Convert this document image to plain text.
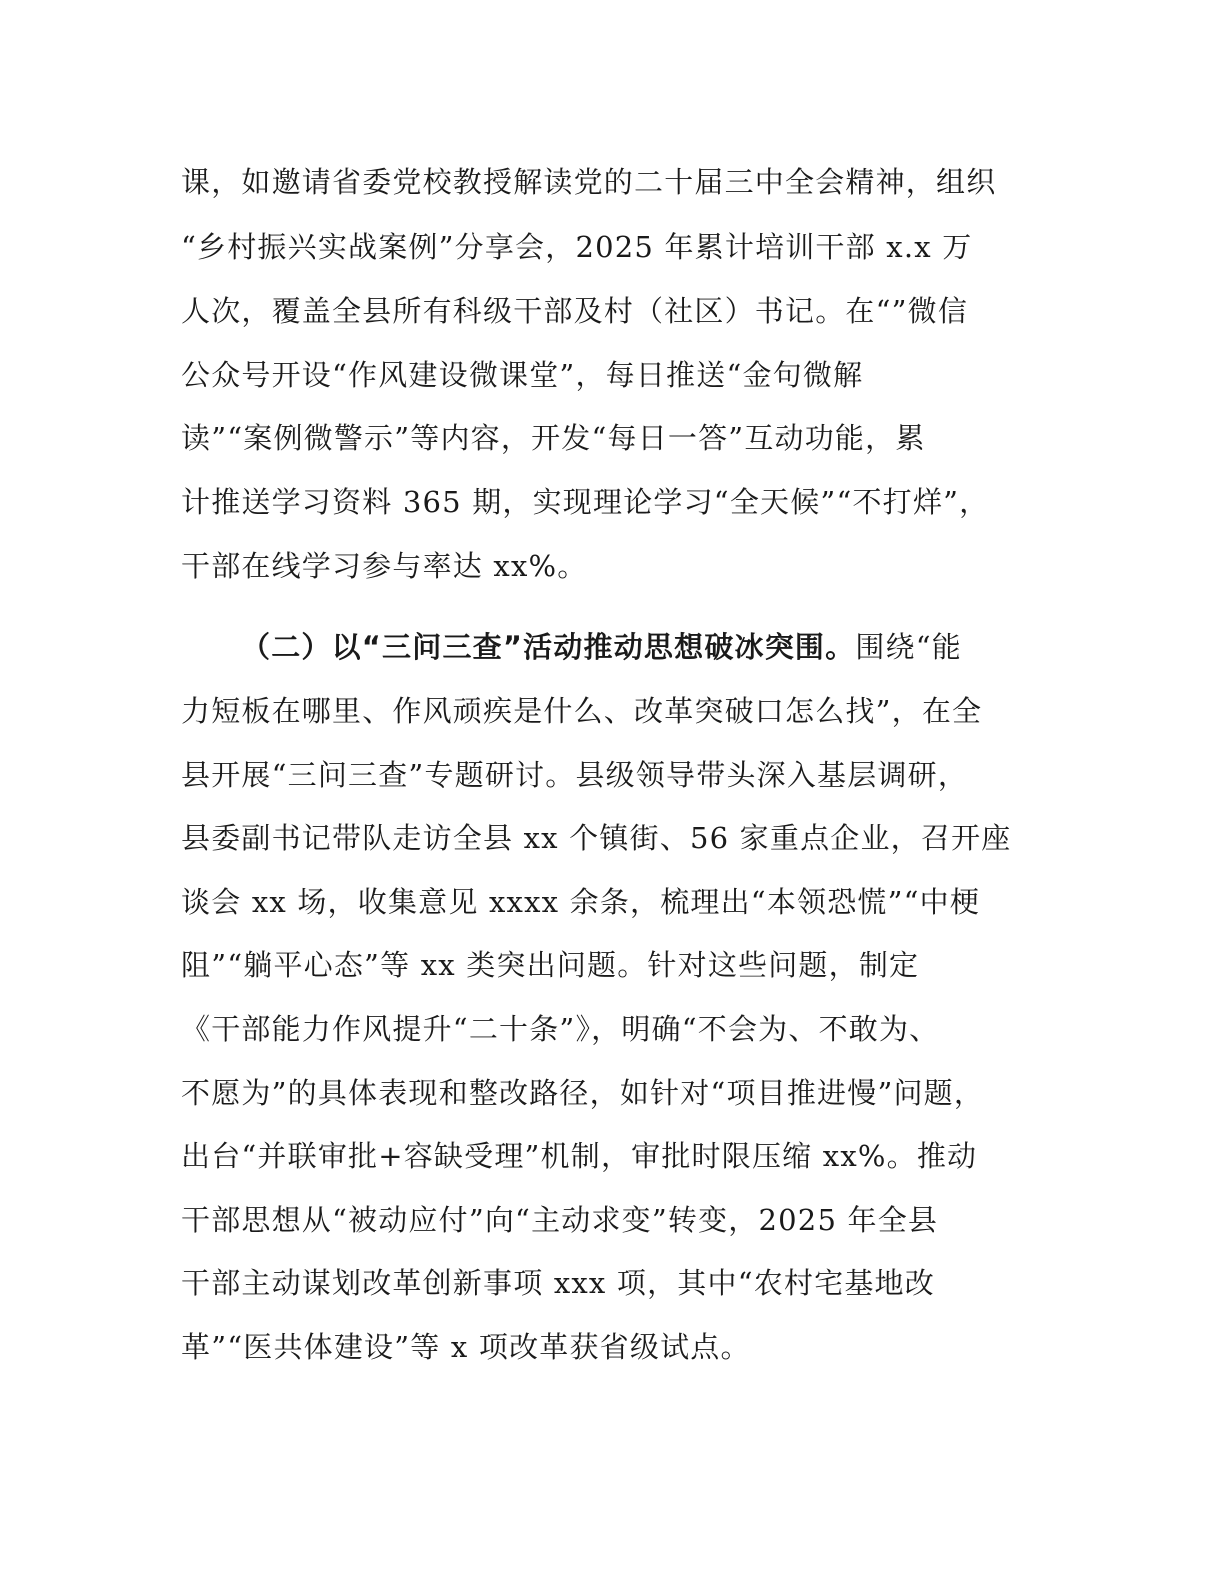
课，如邀请省委党校教授解读党的二十届三中全会精神，组织
“乡村振兴实战案例”分享会，2025 年累计培训干部 x.x 万
人次，覆盖全县所有科级干部及村（社区）书记。在“”微信
公众号开设“作风建设微课堂”，每日推送“金句微解
读”“案例微警示”等内容，开发“每日一答”互动功能，累
计推送学习资料 365 期，实现理论学习“全天候”“不打烊”，
干部在线学习参与率达 xx%。
（二）以“三问三查”活动推动思想破冰突围。围绕“能
力短板在哪里、作风顽疾是什么、改革突破口怎么找”，在全
县开展“三问三查”专题研讨。县级领导带头深入基层调研，
县委副书记带队走访全县 xx 个镇街、56 家重点企业，召开座
谈会 xx 场，收集意见 xxxx 余条，梳理出“本领恐慌”“中梗
阻”“躺平心态”等 xx 类突出问题。针对这些问题，制定
《干部能力作风提升“二十条”》，明确“不会为、不敢为、
不愿为”的具体表现和整改路径，如针对“项目推进慢”问题，
出台“并联审批+容缺受理”机制，审批时限压缩 xx%。推动
干部思想从“被动应付”向“主动求变”转变，2025 年全县
干部主动谋划改革创新事项 xxx 项，其中“农村宅基地改
革”“医共体建设”等 x 项改革获省级试点。
